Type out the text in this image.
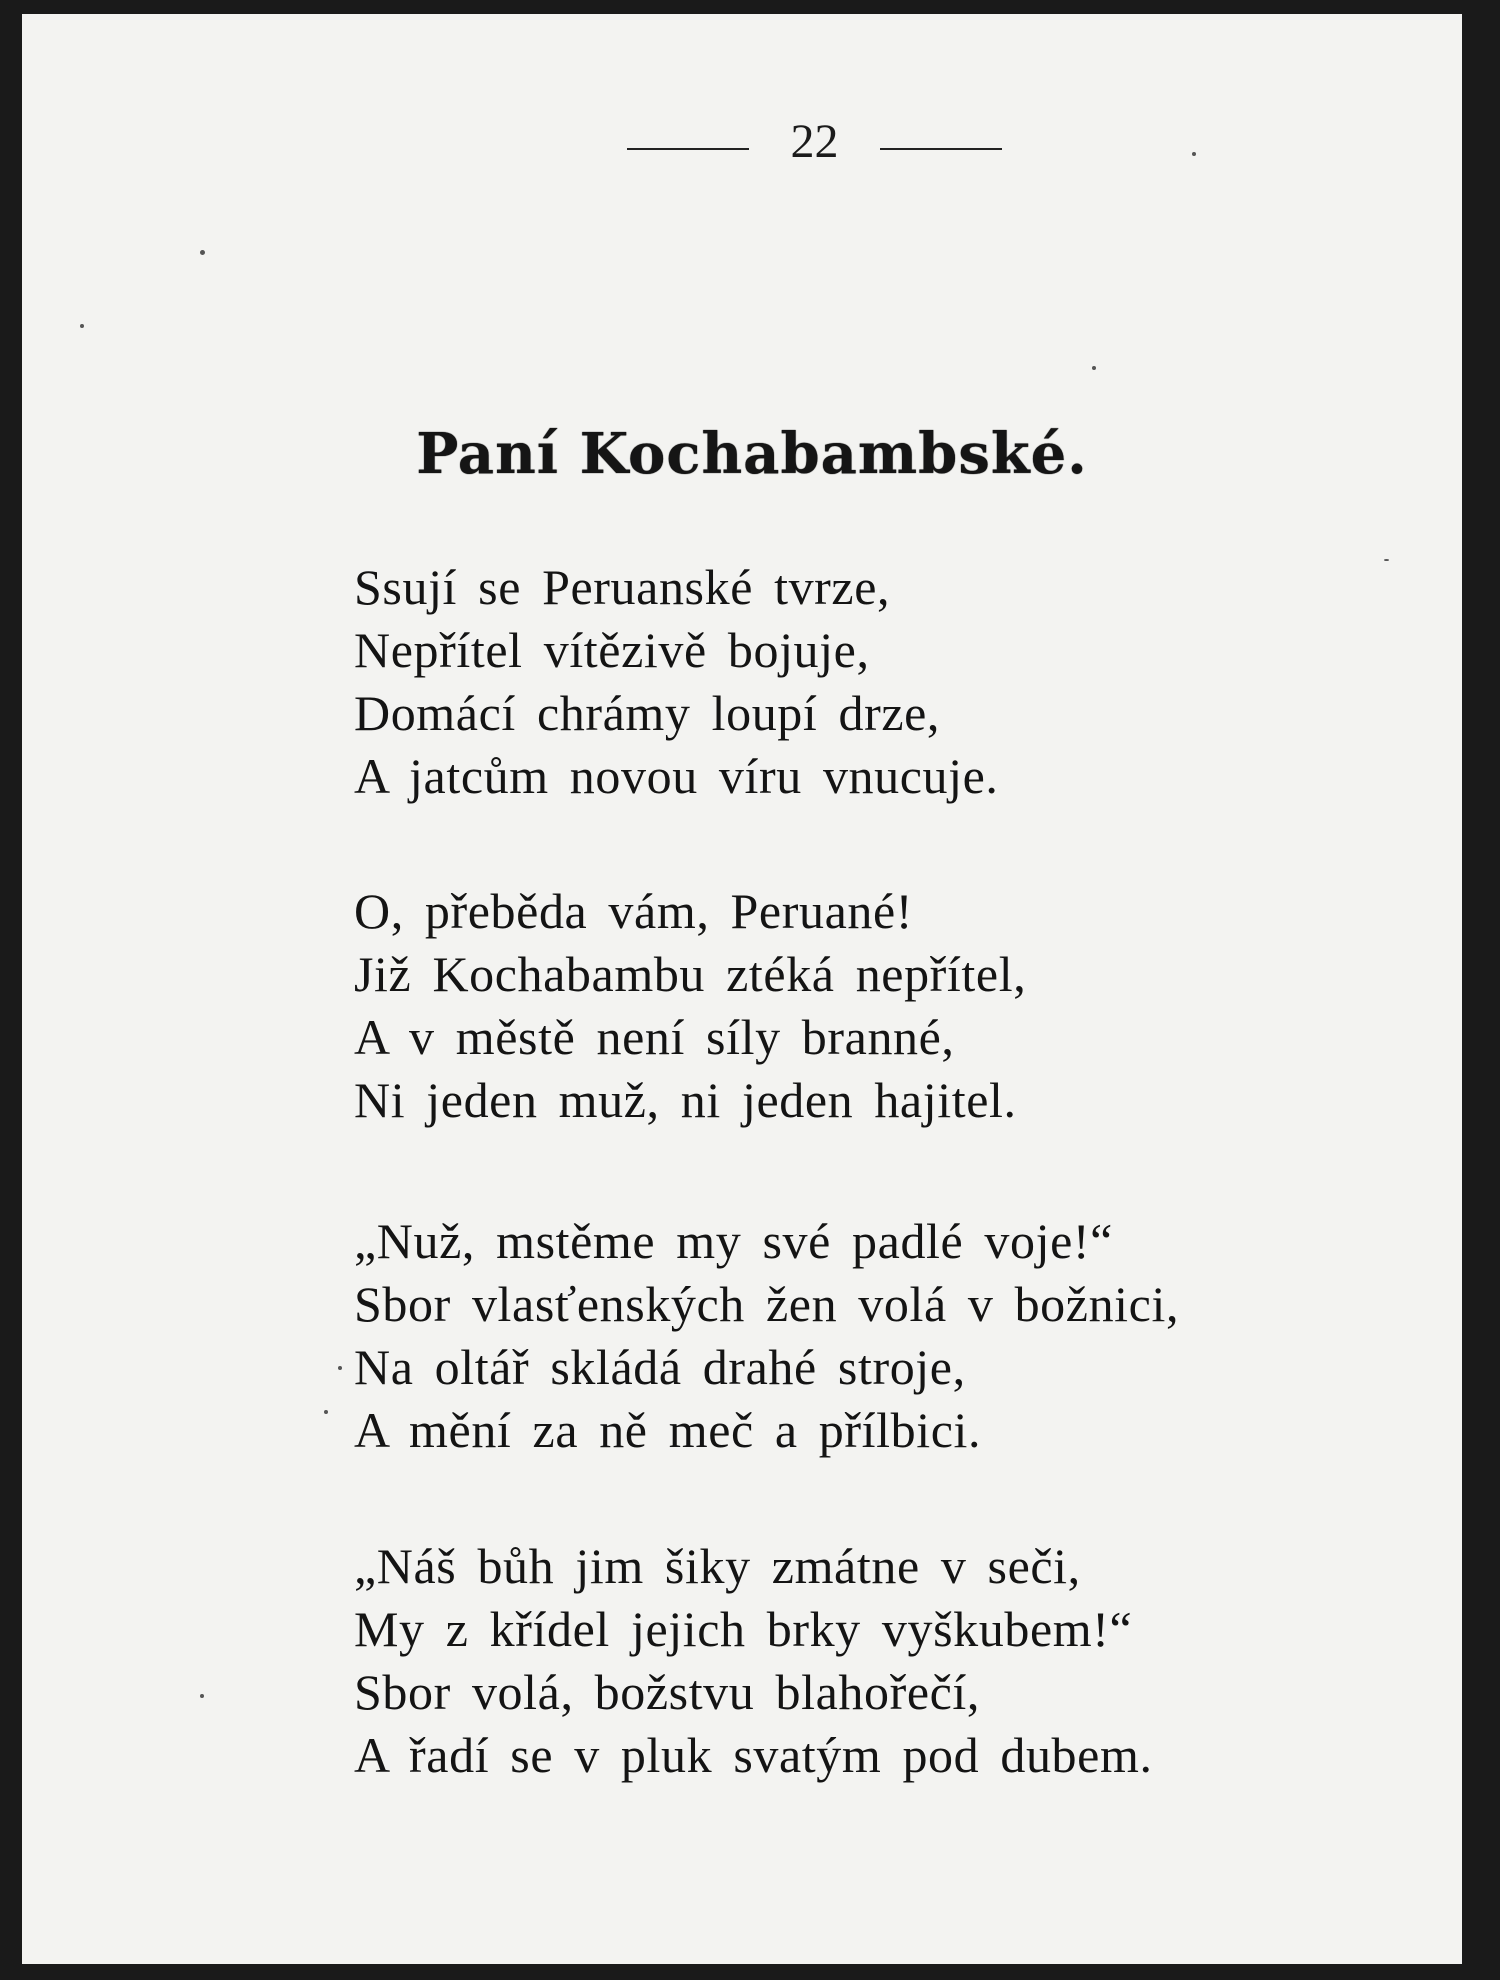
22
Paní Kochabambské.
Ssují se Peruanské tvrze,
Nepřítel vítězivě bojuje,
Domácí chrámy loupí drze,
A jatcům novou víru vnucuje.
O, přeběda vám, Peruané!
Již Kochabambu ztéká nepřítel,
A v městě není síly branné,
Ni jeden muž, ni jeden hajitel.
„Nuž, mstěme my své padlé voje!“
Sbor vlasťenských žen volá v božnici,
Na oltář skládá drahé stroje,
A mění za ně meč a přílbici.
„Náš bůh jim šiky zmátne v seči,
My z křídel jejich brky vyškubem!“
Sbor volá, božstvu blahořečí,
A řadí se v pluk svatým pod dubem.
